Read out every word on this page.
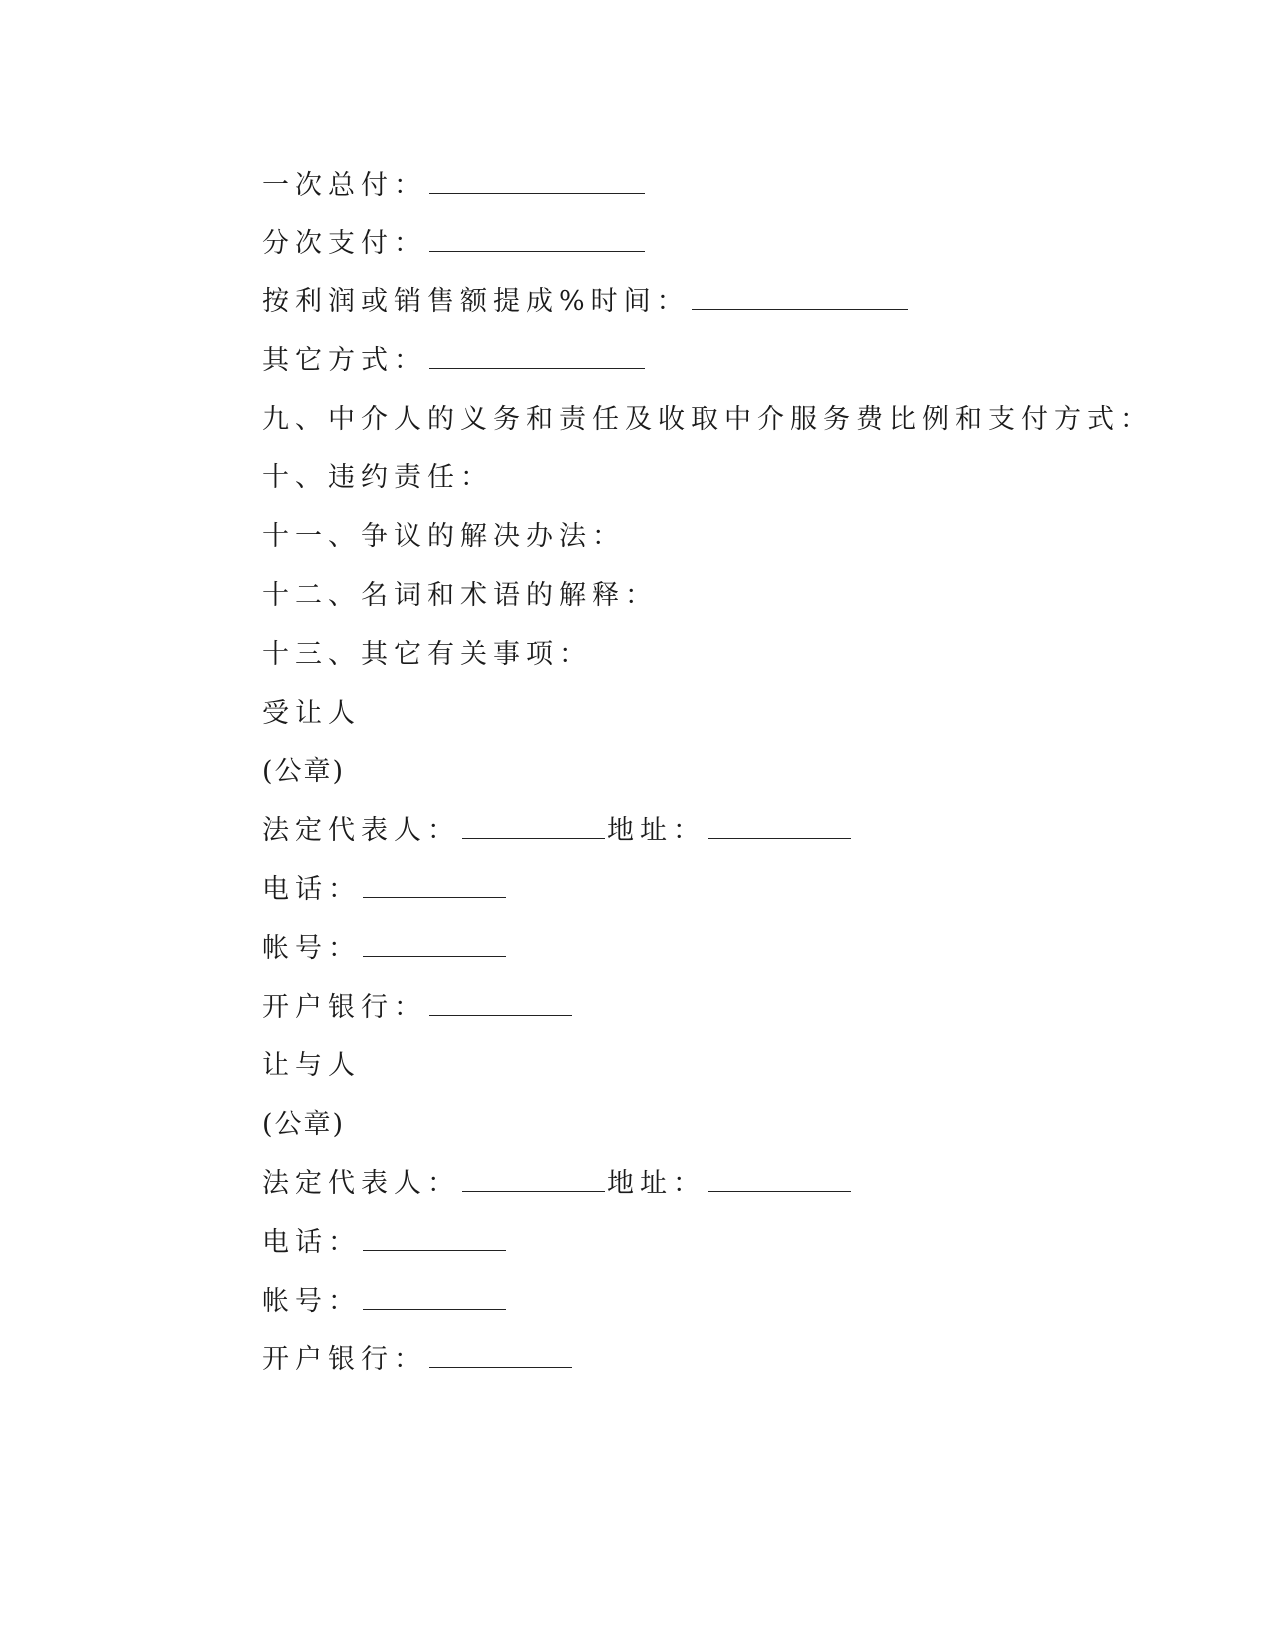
一次总付：
分次支付：
按利润或销售额提成%时间：
其它方式：
九、中介人的义务和责任及收取中介服务费比例和支付方式：
十、违约责任：
十一、争议的解决办法：
十二、名词和术语的解释：
十三、其它有关事项：
受让人
(公章)
法定代表人：	地址：
电话：
帐号：
开户银行：
让与人
(公章)
法定代表人：	地址：
电话：
帐号：
开户银行：
